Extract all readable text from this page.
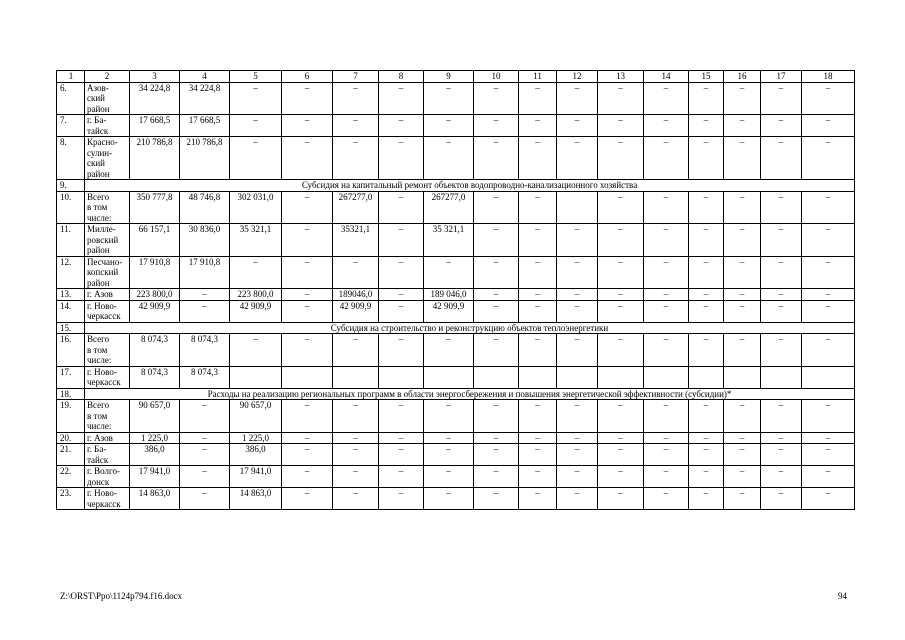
1	2	3	4	5	6	7	8	9	10	11	12	13	14	15	16	17	18
6.	Азов-
ский
район	34 224,8	34 224,8	–	–	–	–	–	–	–	–	–	–	–	–	–	–
7.	г. Ба-
тайск	17 668,5	17 668,5	–	–	–	–	–	–	–	–	–	–	–	–	–	–
8.	Красно-
сулин-
ский
район	210 786,8	210 786,8	–	–	–	–	–	–	–	–	–	–	–	–	–	–
9.	Субсидия на капитальный ремонт объектов водопроводно-канализационного хозяйства																
10.	Всего
в том
числе:	350 777,8	48 746,8	302 031,0	–	267277,0	–	267277,0	–	–		–	–	–	–	–	–
11.	Милле-
ровский
район	66 157,1	30 836,0	35 321,1	–	35321,1	–	35 321,1	–	–	–	–	–	–	–	–	–
12.	Песчано-
копский
район	17 910,8	17 910,8	–	–	–	–	–	–	–	–	–	–	–	–	–	–
13.	г. Азов	223 800,0	–	223 800,0	–	189046,0	–	189 046,0	–	–	–	–	–	–	–	–	–
14.	г. Ново-
черкасск	42 909,9	–	42 909,9	–	42 909,9	–	42 909,9	–	–	–	–	–	–	–	–	–
15.	Субсидия на строительство и реконструкцию объектов теплоэнергетики																
16.	Всего
в том
числе:	8 074,3	8 074,3	–	–	–	–	–	–	–	–	–	–	–	–	–	–
17.	г. Ново-
черкасск	8 074,3	8 074,3														
18.	Расходы на реализацию региональных программ в области энергосбережения и повышения энергетической эффективности (субсидии)*																
19.	Всего
в том
числе:	90 657,0	–	90 657,0	–	–	–	–	–	–	–	–	–	–	–	–	–
20.	г. Азов	1 225,0	–	1 225,0	–	–	–	–	–	–	–	–	–	–	–	–	–
21.	г. Ба-
тайск	386,0	–	386,0	–	–	–	–	–	–	–	–	–	–	–	–	–
22.	г. Волго-
донск	17 941,0	–	17 941,0	–	–	–	–	–	–	–	–	–	–	–	–	–
23.	г. Ново-
черкасск	14 863,0	–	14 863,0	–	–	–	–	–	–	–	–	–	–	–	–	–
Z:\ORST\Ppo\1124p794.f16.docx	94
